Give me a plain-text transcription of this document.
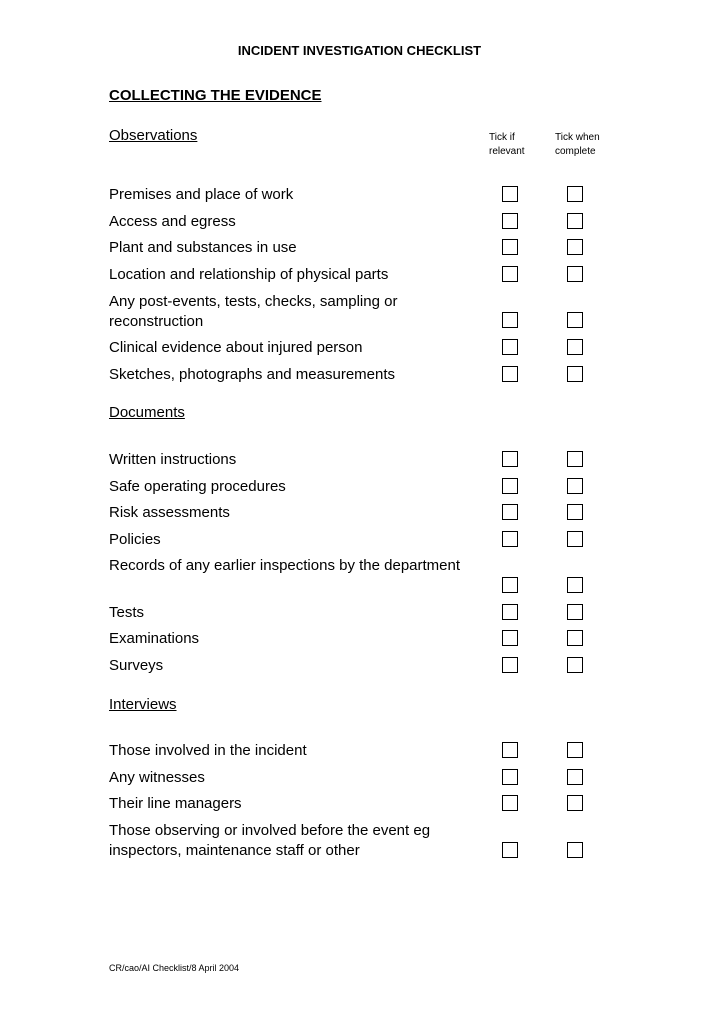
INCIDENT INVESTIGATION CHECKLIST
COLLECTING THE EVIDENCE
Tick if
relevant
Tick when
complete
Observations
Premises and place of work
Access and egress
Plant and substances in use
Location and relationship of physical parts
Any post-events, tests, checks, sampling or reconstruction
Clinical evidence about injured person
Sketches, photographs and measurements
Documents
Written instructions
Safe operating procedures
Risk assessments
Policies
Records of any earlier inspections by the department
Tests
Examinations
Surveys
Interviews
Those involved in the incident
Any witnesses
Their line managers
Those observing or involved before the event eg inspectors, maintenance staff or other
CR/cao/AI Checklist/8 April 2004
